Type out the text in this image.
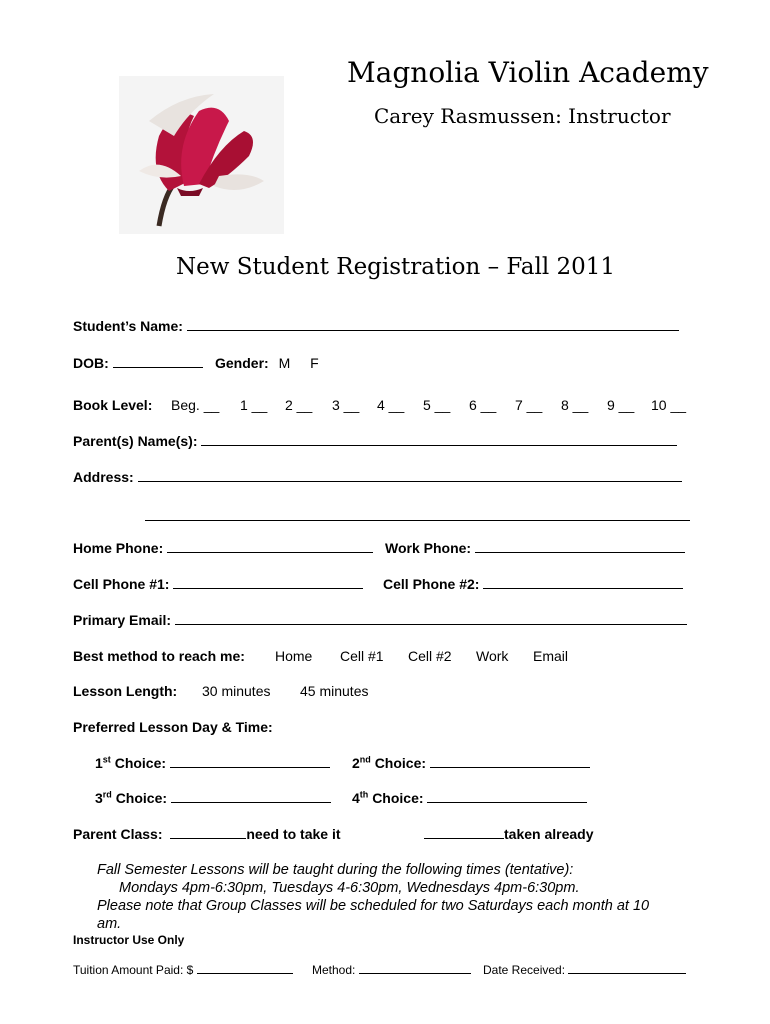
Magnolia Violin Academy
Carey Rasmussen: Instructor
New Student Registration – Fall 2011
Student’s Name:
DOB:	Gender: M F
Book Level: Beg. __ 1 __ 2 __ 3 __ 4 __ 5 __ 6 __ 7 __ 8 __ 9 __ 10 __
Parent(s) Name(s):
Address:
Home Phone:	Work Phone:
Cell Phone #1:	Cell Phone #2:
Primary Email:
Best method to reach me: Home Cell #1 Cell #2 Work Email
Lesson Length: 30 minutes 45 minutes
Preferred Lesson Day & Time:
1st Choice:	2nd Choice:
3rd Choice:	4th Choice:
Parent Class:	need to take it	taken already
Fall Semester Lessons will be taught during the following times (tentative):
Mondays 4pm-6:30pm, Tuesdays 4-6:30pm, Wednesdays 4pm-6:30pm.
Please note that Group Classes will be scheduled for two Saturdays each month at 10
am.
Instructor Use Only
Tuition Amount Paid: $	Method:	Date Received:
